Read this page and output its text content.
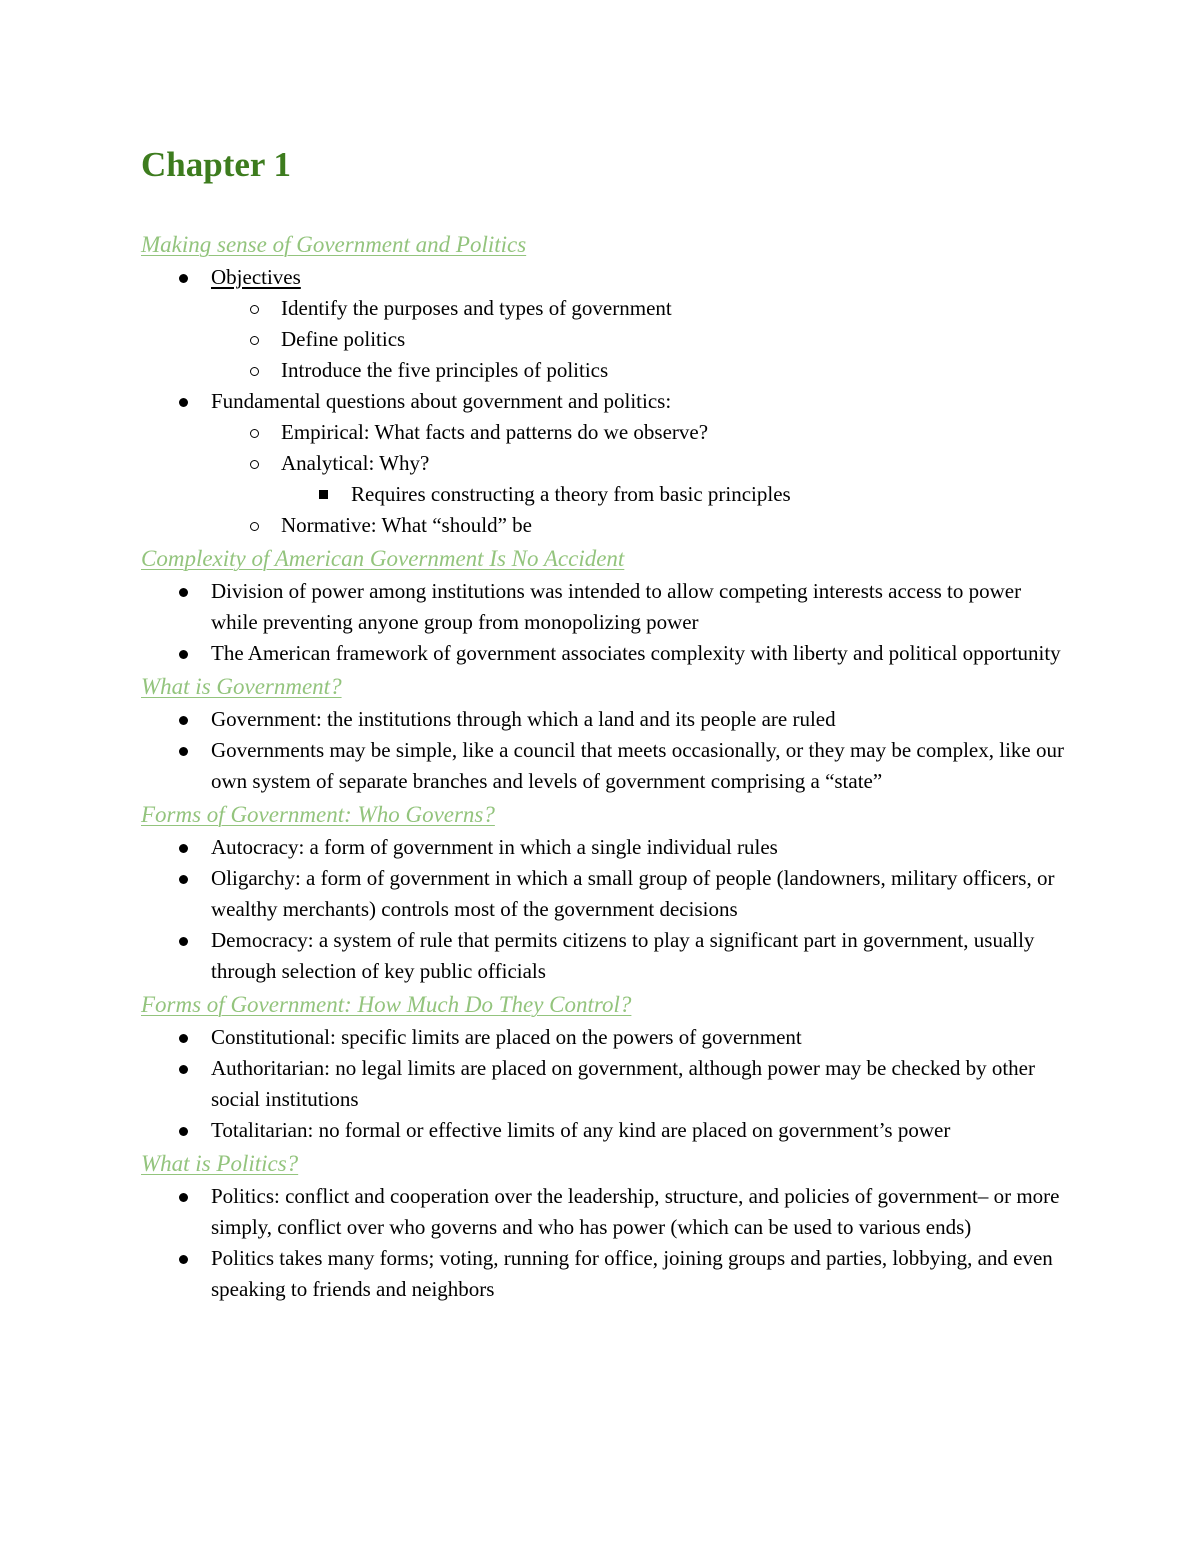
Chapter 1
Making sense of Government and Politics
Objectives
Identify the purposes and types of government
Define politics
Introduce the five principles of politics
Fundamental questions about government and politics:
Empirical: What facts and patterns do we observe?
Analytical: Why?
Requires constructing a theory from basic principles
Normative: What “should” be
Complexity of American Government Is No Accident
Division of power among institutions was intended to allow competing interests access to power while preventing anyone group from monopolizing power
The American framework of government associates complexity with liberty and political opportunity
What is Government?
Government: the institutions through which a land and its people are ruled
Governments may be simple, like a council that meets occasionally, or they may be complex, like our own system of separate branches and levels of government comprising a “state”
Forms of Government: Who Governs?
Autocracy: a form of government in which a single individual rules
Oligarchy: a form of government in which a small group of people (landowners, military officers, or wealthy merchants) controls most of the government decisions
Democracy: a system of rule that permits citizens to play a significant part in government, usually through selection of key public officials
Forms of Government: How Much Do They Control?
Constitutional: specific limits are placed on the powers of government
Authoritarian: no legal limits are placed on government, although power may be checked by other social institutions
Totalitarian: no formal or effective limits of any kind are placed on government’s power
What is Politics?
Politics: conflict and cooperation over the leadership, structure, and policies of government– or more simply, conflict over who governs and who has power (which can be used to various ends)
Politics takes many forms; voting, running for office, joining groups and parties, lobbying, and even speaking to friends and neighbors
